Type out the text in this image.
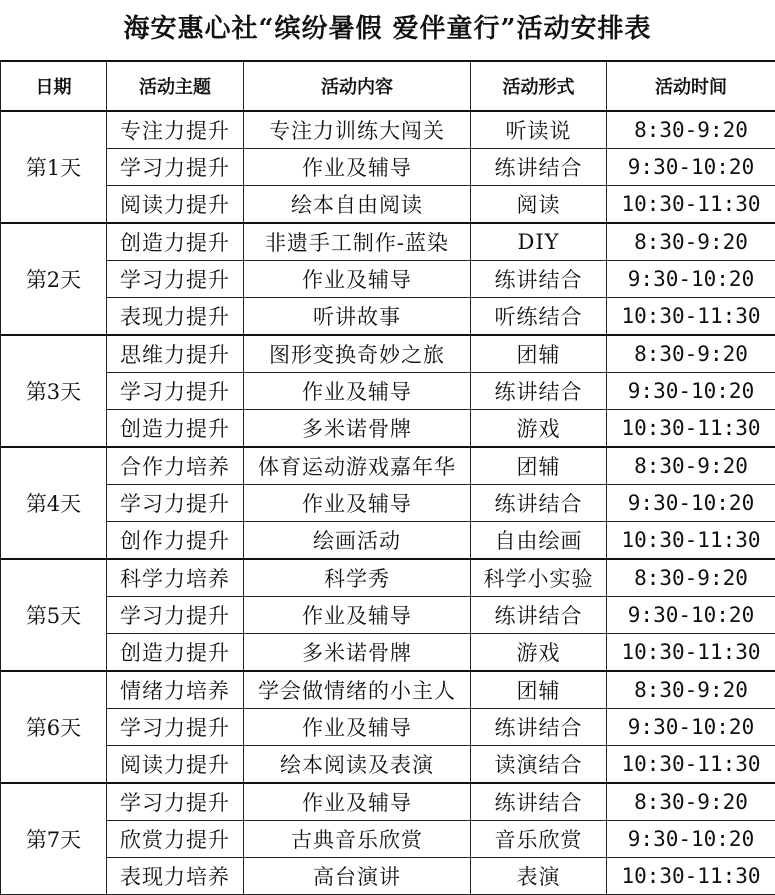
海安惠心社“缤纷暑假 爱伴童行”活动安排表
日期	活动主题	活动内容	活动形式	活动时间
第1天	专注力提升	专注力训练大闯关	听读说	8:30-9:20
	学习力提升	作业及辅导	练讲结合	9:30-10:20
	阅读力提升	绘本自由阅读	阅读	10:30-11:30
第2天	创造力提升	非遗手工制作-蓝染	DIY	8:30-9:20
	学习力提升	作业及辅导	练讲结合	9:30-10:20
	表现力提升	听讲故事	听练结合	10:30-11:30
第3天	思维力提升	图形变换奇妙之旅	团辅	8:30-9:20
	学习力提升	作业及辅导	练讲结合	9:30-10:20
	创造力提升	多米诺骨牌	游戏	10:30-11:30
第4天	合作力培养	体育运动游戏嘉年华	团辅	8:30-9:20
	学习力提升	作业及辅导	练讲结合	9:30-10:20
	创作力提升	绘画活动	自由绘画	10:30-11:30
第5天	科学力培养	科学秀	科学小实验	8:30-9:20
	学习力提升	作业及辅导	练讲结合	9:30-10:20
	创造力提升	多米诺骨牌	游戏	10:30-11:30
第6天	情绪力培养	学会做情绪的小主人	团辅	8:30-9:20
	学习力提升	作业及辅导	练讲结合	9:30-10:20
	阅读力提升	绘本阅读及表演	读演结合	10:30-11:30
第7天	学习力提升	作业及辅导	练讲结合	8:30-9:20
	欣赏力提升	古典音乐欣赏	音乐欣赏	9:30-10:20
	表现力培养	高台演讲	表演	10:30-11:30
